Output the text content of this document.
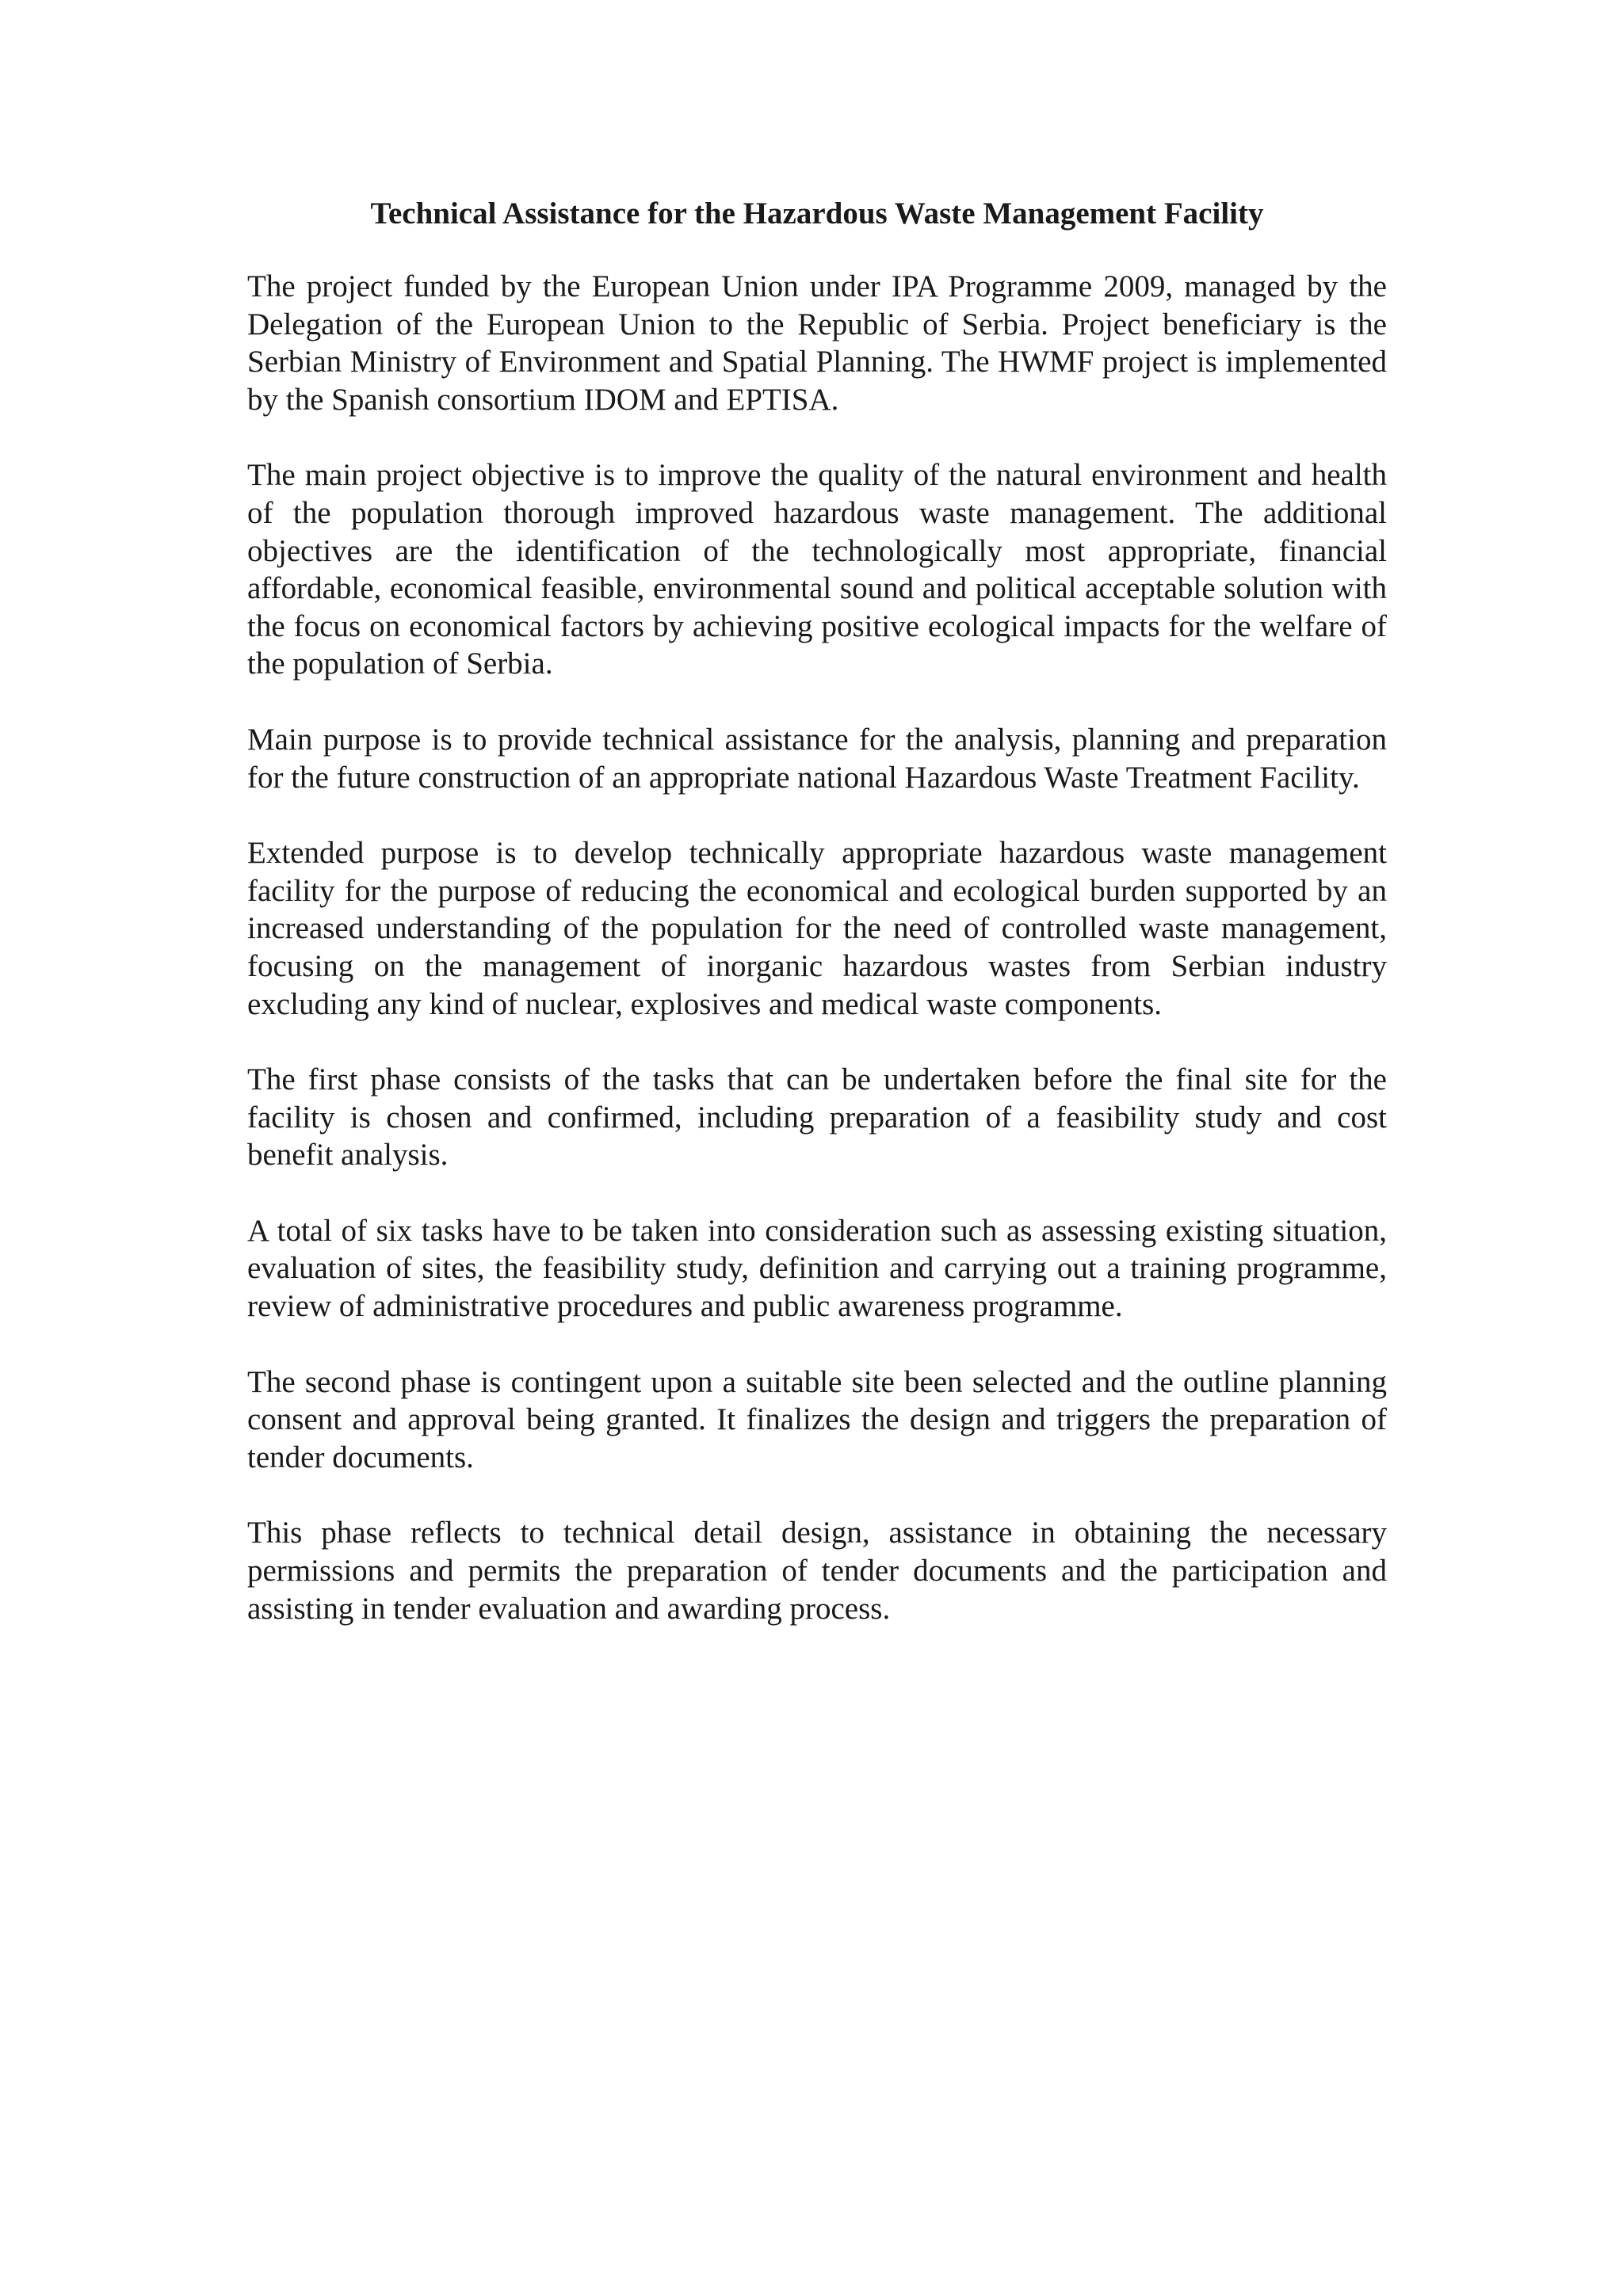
Technical Assistance for the Hazardous Waste Management Facility

The project funded by the European Union under IPA Programme 2009, managed by the Delegation of the European Union to the Republic of Serbia. Project beneficiary is the Serbian Ministry of Environment and Spatial Planning. The HWMF project is implemented by the Spanish consortium IDOM and EPTISA.

The main project objective is to improve the quality of the natural environment and health of the population thorough improved hazardous waste management. The additional objectives are the identification of the technologically most appropriate, financial affordable, economical feasible, environmental sound and political acceptable solution with the focus on economical factors by achieving positive ecological impacts for the welfare of the population of Serbia.

Main purpose is to provide technical assistance for the analysis, planning and preparation for the future construction of an appropriate national Hazardous Waste Treatment Facility.

Extended purpose is to develop technically appropriate hazardous waste management facility for the purpose of reducing the economical and ecological burden supported by an increased understanding of the population for the need of controlled waste management, focusing on the management of inorganic hazardous wastes from Serbian industry excluding any kind of nuclear, explosives and medical waste components.

The first phase consists of the tasks that can be undertaken before the final site for the facility is chosen and confirmed, including preparation of a feasibility study and cost benefit analysis.

A total of six tasks have to be taken into consideration such as assessing existing situation, evaluation of sites, the feasibility study, definition and carrying out a training programme, review of administrative procedures and public awareness programme.

The second phase is contingent upon a suitable site been selected and the outline planning consent and approval being granted. It finalizes the design and triggers the preparation of tender documents.

This phase reflects to technical detail design, assistance in obtaining the necessary permissions and permits the preparation of tender documents and the participation and assisting in tender evaluation and awarding process.
